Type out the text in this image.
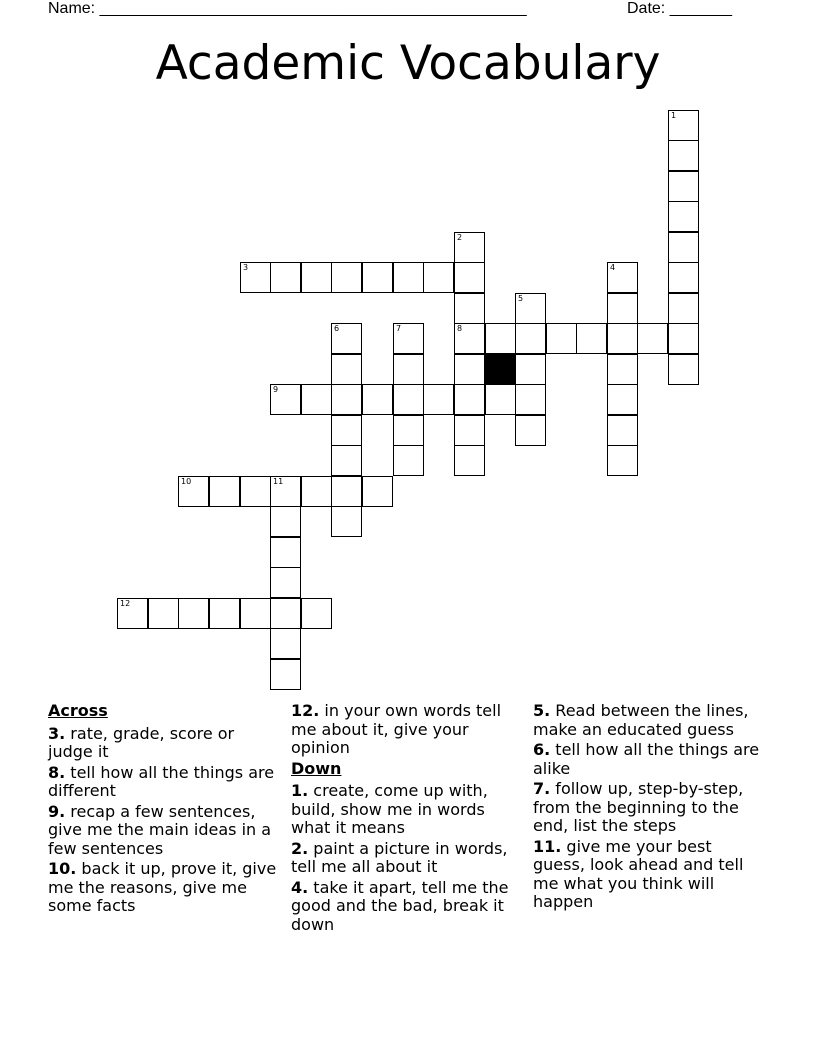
Name: ________________________________________________	Date: _______
Academic Vocabulary
1
2
8
3	4
5
6	7
9
10	11
12
Across
3. rate, grade, score or judge it
8. tell how all the things are different
9. recap a few sentences, give me the main ideas in a few sentences
10. back it up, prove it, give me the reasons, give me some facts
12. in your own words tell me about it, give your opinion
Down
1. create, come up with, build, show me in words what it means
2. paint a picture in words, tell me all about it
4. take it apart, tell me the good and the bad, break it down
5. Read between the lines, make an educated guess
6. tell how all the things are alike
7. follow up, step-by-step, from the beginning to the end, list the steps
11. give me your best guess, look ahead and tell me what you think will happen
